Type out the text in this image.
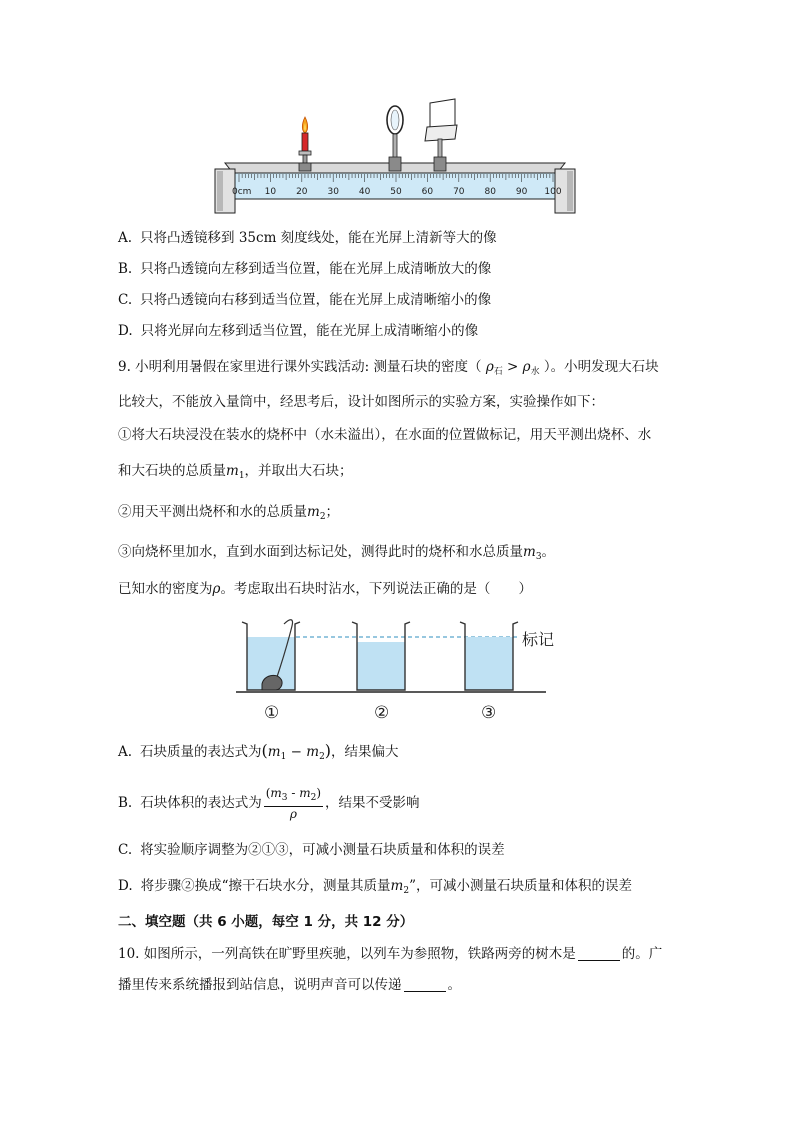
10 20 30 40 50 60 70 80 90 100
0cm
A. 只将凸透镜移到 35cm 刻度线处，能在光屏上清新等大的像
B. 只将凸透镜向左移到适当位置，能在光屏上成清晰放大的像
C. 只将凸透镜向右移到适当位置，能在光屏上成清晰缩小的像
D. 只将光屏向左移到适当位置，能在光屏上成清晰缩小的像
9. 小明利用暑假在家里进行课外实践活动: 测量石块的密度（ $\rho_石 > \rho_水$ ）。小明发现大石块
比较大，不能放入量筒中，经思考后，设计如图所示的实验方案，实验操作如下：
①将大石块浸没在装水的烧杯中（水未溢出），在水面的位置做标记，用天平测出烧杯、水
和大石块的总质量$m_1$，并取出大石块；
②用天平测出烧杯和水的总质量$m_2$；
③向烧杯里加水，直到水面到达标记处，测得此时的烧杯和水总质量$m_3$。
已知水的密度为ρ。考虑取出石块时沾水，下列说法正确的是（ ）
标记
①	②	③
A. 石块质量的表达式为$(m_1 - m_2)$，结果偏大
B. 石块体积的表达式为 $\frac{(m_3 - m_2)}{\rho}$ ，结果不受影响
C. 将实验顺序调整为②①③，可减小测量石块质量和体积的误差
D. 将步骤②换成“擦干石块水分，测量其质量$m_2$”，可减小测量石块质量和体积的误差
二、填空题（共 6 小题，每空 1 分，共 12 分）
10. 如图所示，一列高铁在旷野里疾驰，以列车为参照物，铁路两旁的树木是	的。广
播里传来系统播报到站信息，说明声音可以传递	。
